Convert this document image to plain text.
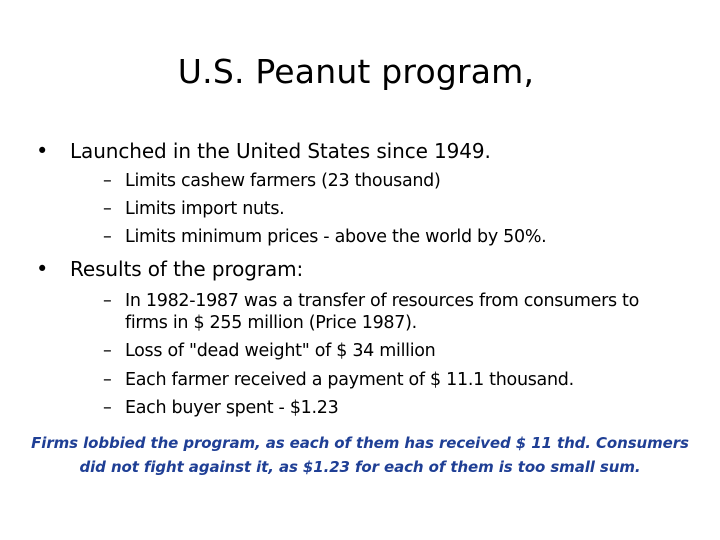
U.S. Peanut program,
• Launched in the United States since 1949.
– Limits cashew farmers (23 thousand)
– Limits import nuts.
– Limits minimum prices - above the world by 50%.
• Results of the program:
– In 1982-1987 was a transfer of resources from consumers to firms in $ 255 million (Price 1987).
– Loss of "dead weight" of $ 34 million
– Each farmer received a payment of $ 11.1 thousand.
– Each buyer spent - $1.23
Firms lobbied the program, as each of them has received $ 11 thd. Consumers did not fight against it, as $1.23 for each of them is too small sum.
